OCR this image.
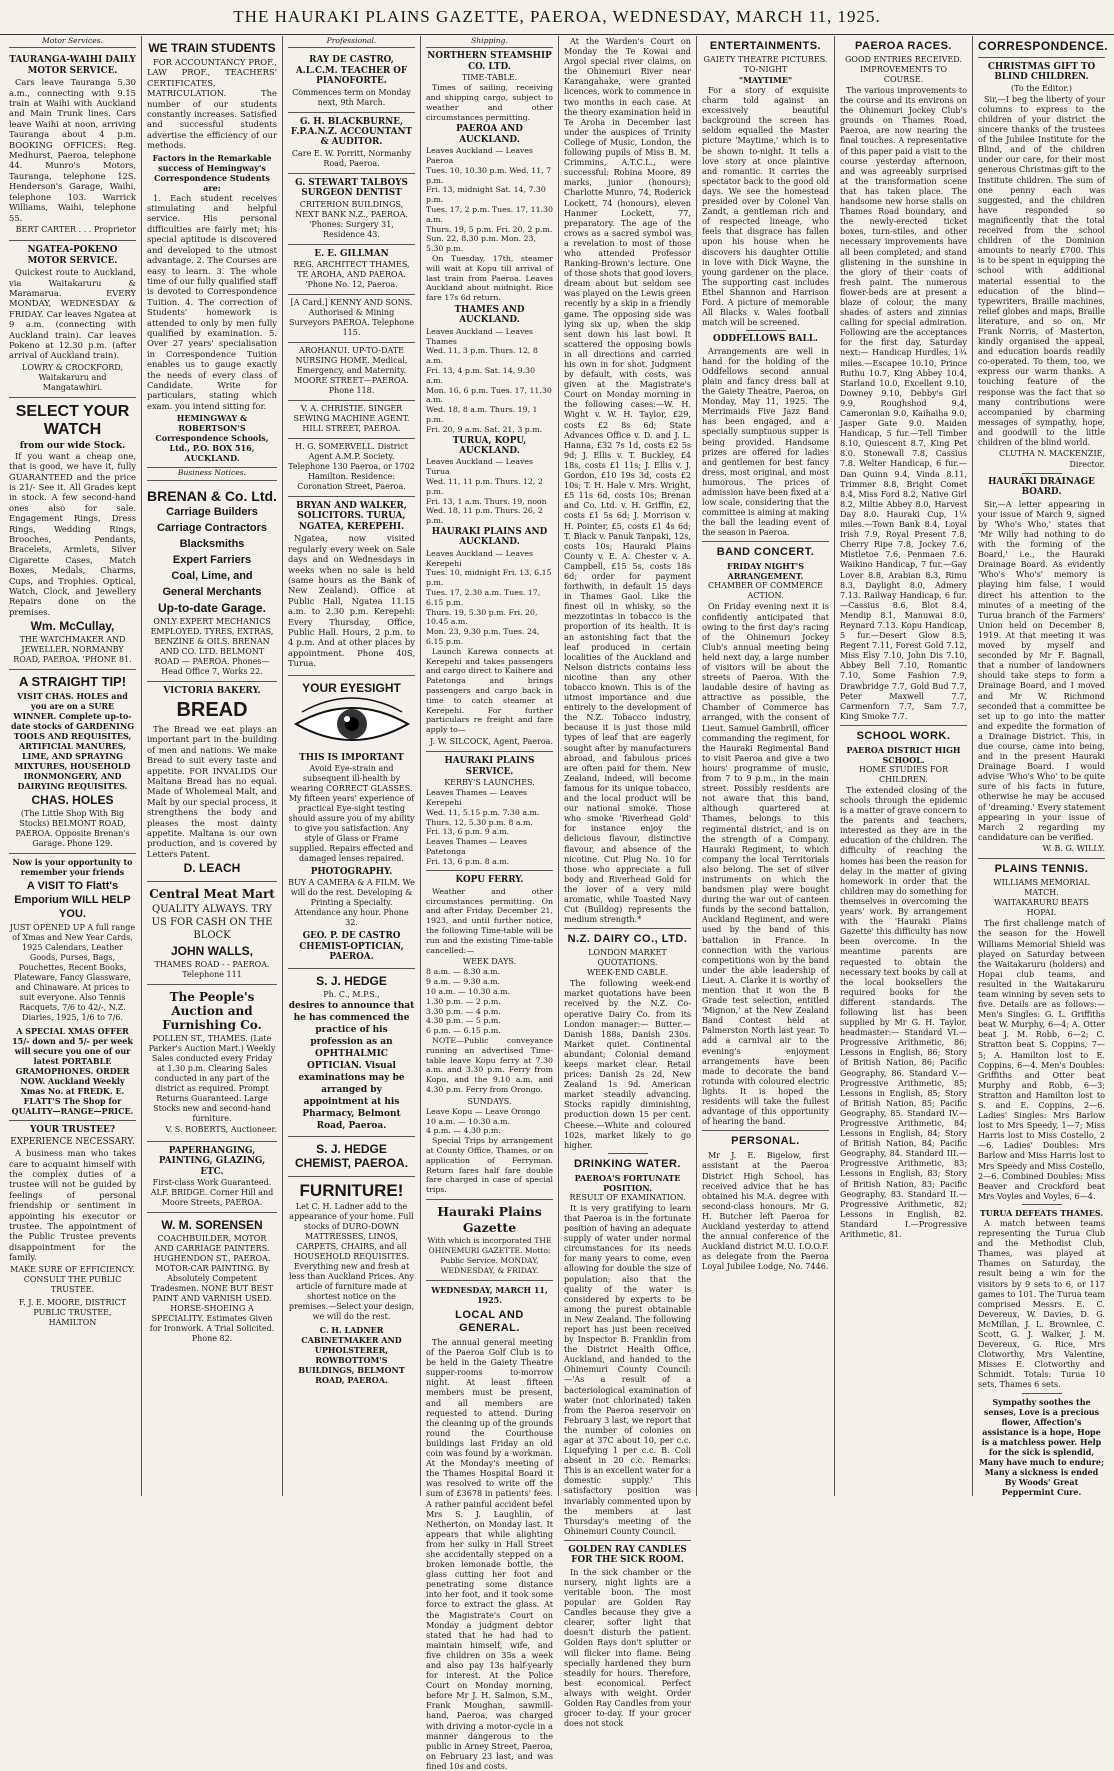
THE HAURAKI PLAINS GAZETTE, PAEROA, WEDNESDAY, MARCH 11, 1925.
Motor Services.
TAURANGA-WAIHI DAILY MOTOR SERVICE.
Cars leave Tauranga 5.30 a.m., connecting with 9.15 train at Waihi with Auckland and Main Trunk lines. Cars leave Waihi at noon, arriving Tauranga about 4 p.m. BOOKING OFFICES: Reg. Medhurst, Paeroa, telephone 44. Munro's Motors, Tauranga, telephone 12S. Henderson's Garage, Waihi, telephone 103. Warrick Williams, Waihi, telephone 55.
BERT CARTER . . . Proprietor
NGATEA-POKENO MOTOR SERVICE.
Quickest route to Auckland, via Waitakaruru & Maramarua. EVERY MONDAY, WEDNESDAY & FRIDAY. Car leaves Ngatea at 9 a.m. (connecting with Auckland train). Car leaves Pokeno at 12.30 p.m. (after arrival of Auckland train).
LOWRY & CROCKFORD, Waitakaruru and Mangatawhiri.
SELECT YOUR WATCH
from our wide Stock.
If you want a cheap one, that is good, we have it, fully GUARANTEED and the price is 21/- See it. All Grades kept in stock. A few second-hand ones also for sale. Engagement Rings, Dress Rings, Wedding Rings, Brooches, Pendants, Bracelets, Armlets, Silver Cigarette Cases, Match Boxes, Medals, Charms, Cups, and Trophies. Optical, Watch, Clock, and Jewellery Repairs done on the premises.
Wm. McCullay,
THE WATCHMAKER AND JEWELLER. NORMANBY ROAD, PAEROA. 'PHONE 81.
A STRAIGHT TIP!
VISIT CHAS. HOLES and you are on a SURE WINNER. Complete up-to-date stocks of GARDENING TOOLS AND REQUISITES, ARTIFICIAL MANURES, LIME, AND SPRAYING MIXTURES, HOUSEHOLD IRONMONGERY, AND DAIRYING REQUISITES.
CHAS. HOLES
(The Little Shop With Big Stocks) BELMONT ROAD, PAEROA. Opposite Brenan's Garage. Phone 129.
Now is your opportunity to remember your friends
A VISIT TO Flatt's Emporium WILL HELP YOU.
JUST OPENED UP A full range of Xmas and New Year Cards, 1925 Calendars, Leather Goods, Purses, Bags, Pouchettes, Recent Books, Plateware, Fancy Glassware, and Chinaware. At prices to suit everyone. Also Tennis Racquets, 7/6 to 42/-, N.Z. Diaries, 1925, 1/6 to 7/6.
A SPECIAL XMAS OFFER 15/- down and 5/- per week will secure you one of our latest PORTABLE GRAMOPHONES. ORDER NOW. Auckland Weekly Xmas No. at FREDK. E. FLATT'S The Shop for QUALITY—RANGE—PRICE.
YOUR TRUSTEE?
EXPERIENCE NECESSARY.
A business man who takes care to acquaint himself with the complex duties of a trustee will not be guided by feelings of personal friendship or sentiment in appointing his executor or trustee. The appointment of the Public Trustee prevents disappointment for the family.
MAKE SURE OF EFFICIENCY. CONSULT THE PUBLIC TRUSTEE.
F. J. E. MOORE, DISTRICT PUBLIC TRUSTEE, HAMILTON
WE TRAIN STUDENTS
FOR ACCOUNTANCY PROF., LAW PROF., TEACHERS' CERTIFICATES, MATRICULATION. The number of our students constantly increases. Satisfied and successful students advertise the efficiency of our methods.
Factors in the Remarkable success of Hemingway's Correspondence Students are:
1. Each student receives stimulating and helpful service. His personal difficulties are fairly met; his special aptitude is discovered and developed to the utmost advantage. 2. The Courses are easy to learn. 3. The whole time of our fully qualified staff is devoted to Correspondence Tuition. 4. The correction of Students' homework is attended to only by men fully qualified by examination. 5. Over 27 years' specialisation in Correspondence Tuition enables us to gauge exactly the needs of every class of Candidate. Write for particulars, stating which exam. you intend sitting for.
HEMINGWAY & ROBERTSON'S Correspondence Schools, Ltd., P.O. BOX 516, AUCKLAND.
Business Notices.
BRENAN & Co. Ltd.
Carriage Builders
Carriage Contractors
Blacksmiths
Expert Farriers
Coal, Lime, and
General Merchants
Up-to-date Garage.
ONLY EXPERT MECHANICS EMPLOYED. TYRES, EXTRAS, BENZINE & OILS. BRENAN AND CO. LTD. BELMONT ROAD — PAEROA. Phones— Head Office 7, Works 22.
VICTORIA BAKERY.
BREAD
The Bread we eat plays an important part in the building of men and nations. We make Bread to suit every taste and appetite. FOR INVALIDS Our Maltana Bread has no equal. Made of Wholemeal Malt, and Malt by our special process, it strengthens the body and pleases the most dainty appetite. Maltana is our own production, and is covered by Letters Patent.
D. LEACH
Central Meat Mart
QUALITY ALWAYS. TRY US FOR CASH ON THE BLOCK
JOHN WALLS,
THAMES ROAD - - PAEROA. Telephone 111
The People's Auction and Furnishing Co.
POLLEN ST., THAMES. (Late Parker's Auction Mart.) Weekly Sales conducted every Friday at 1.30 p.m. Clearing Sales conducted in any part of the district as required. Prompt Returns Guaranteed. Large Stocks new and second-hand furniture.
V. S. ROBERTS, Auctioneer.
PAPERHANGING, PAINTING, GLAZING, ETC.
First-class Work Guaranteed. ALF. BRIDGE. Corner Hill and Moore Streets, PAEROA.
W. M. SORENSEN
COACHBUILDER, MOTOR AND CARRIAGE PAINTERS. HUGHENDON ST., PAEROA. MOTOR-CAR PAINTING. By Absolutely Competent Tradesmen. NONE BUT BEST PAINT AND VARNISH USED. HORSE-SHOEING A SPECIALITY. Estimates Given for Ironwork. A Trial Solicited. Phone 82.
Professional.
RAY DE CASTRO, A.L.C.M. TEACHER OF PIANOFORTE.
Commences term on Monday next, 9th March.
G. H. BLACKBURNE, F.P.A.N.Z. ACCOUNTANT & AUDITOR.
Care E. W. Porritt, Normanby Road, Paeroa.
G. STEWART TALBOYS SURGEON DENTIST
CRITERION BUILDINGS, NEXT BANK N.Z., PAEROA. 'Phones: Surgery 31, Residence 43.
E. E. GILLMAN
REG. ARCHITECT THAMES, TE AROHA, AND PAEROA. 'Phone No. 12, Paeroa.
[A Card.] KENNY AND SONS. Authorised & Mining Surveyors PAEROA. Telephone 115.
AROHANUI. UP-TO-DATE NURSING HOME. Medical, Emergency, and Maternity. MOORE STREET—PAEROA. Phone 118.
V. A. CHRISTIE. SINGER SEWING MACHINE AGENT. HILL STREET, PAEROA.
H. G. SOMERVELL. District Agent A.M.P. Society. Telephone 130 Paeroa, or 1702 Hamilton. Residence: Coronation Street, Paeroa.
BRYAN AND WALKER, SOLICITORS. TURUA, NGATEA, KEREPEHI.
Ngatea, now visited regularly every week on Sale days and on Wednesdays in weeks when no sale is held (same hours as the Bank of New Zealand). Office at Public Hall, Ngatea 11.15 a.m. to 2.30 p.m. Kerepehi: Every Thursday, Office, Public Hall. Hours, 2 p.m. to 4 p.m. And at other places by appointment. Phone 40S, Turua.
YOUR EYESIGHT
THIS IS IMPORTANT
Avoid Eye-strain and subsequent ill-health by wearing CORRECT GLASSES. My fifteen years' experience of practical Eye-sight testing should assure you of my ability to give you satisfaction. Any style of Glass or Frame supplied. Repairs effected and damaged lenses repaired.
PHOTOGRAPHY.
BUY A CAMERA & A FILM. We will do the rest. Developing & Printing a Specialty. Attendance any hour. Phone 32.
GEO. P. DE CASTRO CHEMIST-OPTICIAN, PAEROA.
S. J. HEDGE
Ph. C., M.P.S.,
desires to announce that he has commenced the practice of his profession as an OPHTHALMIC OPTICIAN. Visual examinations may be arranged by appointment at his Pharmacy, Belmont Road, Paeroa.
S. J. HEDGE CHEMIST, PAEROA.
FURNITURE!
Let C. H. Ladner add to the appearance of your home. Full stocks of DURO-DOWN MATTRESSES, LINOS, CARPETS, CHAIRS, and all HOUSEHOLD REQUISITES. Everything new and fresh at less than Auckland Prices. Any article of furniture made at shortest notice on the premises.—Select your design, we will do the rest.
C. H. LADNER CABINETMAKER AND UPHOLSTERER, ROWBOTTOM'S BUILDINGS, BELMONT ROAD, PAEROA.
Shipping.
NORTHERN STEAMSHIP CO. LTD.
TIME-TABLE.
Times of sailing, receiving and shipping cargo, subject to weather and other circumstances permitting.
PAEROA AND AUCKLAND.
Leaves Auckland — Leaves Paeroa
Tues. 10, 10.30 p.m. Wed. 11, 7 p.m.
Fri. 13, midnight Sat. 14, 7.30 p.m.
Tues. 17, 2 p.m. Tues. 17, 11.30 a.m.
Thurs. 19, 5 p.m. Fri. 20, 2 p.m.
Sun. 22, 8.30 p.m. Mon. 23, 5.30 p.m.
On Tuesday, 17th, steamer will wait at Kopu till arrival of last train from Paeroa. Leaves Auckland about midnight. Rice fare 17s 6d return.
THAMES AND AUCKLAND.
Leaves Auckland — Leaves Thames
Wed. 11, 3 p.m. Thurs. 12, 8 a.m.
Fri. 13, 4 p.m. Sat. 14, 9.30 a.m.
Mon. 16, 6 p.m. Tues. 17, 11.30 a.m.
Wed. 18, 8 a.m. Thurs. 19, 1 p.m.
Fri. 20, 9 a.m. Sat. 21, 3 p.m.
TURUA, KOPU, AUCKLAND.
Leaves Auckland — Leaves Turua
Wed. 11, 11 p.m. Thurs. 12, 2 p.m.
Fri. 13, 1 a.m. Thurs. 19, noon
Wed. 18, 11 p.m. Thurs. 26, 2 p.m.
HAURAKI PLAINS AND AUCKLAND.
Leaves Auckland — Leaves Kerepehi
Tues. 10, midnight Fri. 13, 6.15 p.m.
Tues. 17, 2.30 a.m. Tues. 17, 6.15 p.m.
Thurs. 19, 5.30 p.m. Fri. 20, 10.45 a.m.
Mon. 23, 9.30 p.m. Tues. 24, 6.15 p.m.
Launch Karewa connects at Kerepehi and takes passengers and cargo direct to Kaihere and Patetonga and brings passengers and cargo back in time to catch steamer at Kerepehi. For further particulars re freight and fare apply to—
J. W. SILCOCK, Agent, Paeroa.
HAURAKI PLAINS SERVICE.
KERBY'S LAUNCHES.
Leaves Thames — Leaves Kerepehi
Wed. 11, 5.15 p.m. 7.30 a.m.
Thurs. 12, 5.30 p.m. 8 a.m.
Fri. 13, 6 p.m. 9 a.m.
Leaves Thames — Leaves Patetonga
Fri. 13, 6 p.m. 8 a.m.
KOPU FERRY.
Weather and other circumstances permitting. On and after Friday, December 21, 1923, and until further notice, the following Time-table will be run and the existing Time-table cancelled:—
WEEK DAYS.
8 a.m. — 8.30 a.m.
9 a.m. — 9.30 a.m.
10 a.m. — 10.30 a.m.
1.30 p.m. — 2 p.m.
3.30 p.m. — 4 p.m.
4.30 p.m. — 5 p.m.
6 p.m. — 6.15 p.m.
NOTE—Public conveyance running an advertised Time-table leave Kopu ferry at 7.30 a.m. and 3.30 p.m. Ferry from Kopu, and the 9.10 a.m. and 4.30 p.m. Ferry from Orongo.
SUNDAYS.
Leave Kopu — Leave Orongo
10 a.m. — 10.30 a.m.
4 p.m. — 4.30 p.m.
Special Trips by arrangement at County Office, Thames, or on application of Ferryman. Return fares half fare double fare charged in case of special trips.
Hauraki Plains Gazette
With which is incorporated THE OHINEMURI GAZETTE. Motto: Public Service. MONDAY, WEDNESDAY, & FRIDAY.
WEDNESDAY, MARCH 11, 1925.
LOCAL AND GENERAL.
The annual general meeting of the Paeroa Golf Club is to be held in the Gaiety Theatre supper-rooms to-morrow night. At least fifteen members must be present, and all members are requested to attend. During the cleaning up of the grounds round the Courthouse buildings last Friday an old coin was found by a workman. At the Monday's meeting of the Thames Hospital Board it was resolved to write off the sum of £3678 in patients' fees. A rather painful accident befel Mrs S. J. Laughlin, of Netherton, on Monday last. It appears that while alighting from her sulky in Hall Street she accidentally stepped on a broken lemonade bottle, the glass cutting her foot and penetrating some distance into her foot, and it took some force to extract the glass. At the Magistrate's Court on Monday a judgment debtor stated that he had had to maintain himself, wife, and five children on 35s a week and also pay 13s half-yearly for interest. At the Police Court on Monday morning, before Mr J. H. Salmon, S.M., Frank Moughan, sawmill-hand, Paeroa, was charged with driving a motor-cycle in a manner dangerous to the public in Arney Street, Paeroa, on February 23 last, and was fined 10s and costs.
At the Warden's Court on Monday the Te Kowai and Argol special river claims, on the Ohinemuri River near Karangahake, were granted licences, work to commence in two months in each case. At the theory examination held in Te Aroha in December last under the auspices of Trinity College of Music, London, the following pupils of Miss B. M. Crimmins, A.T.C.L., were successful: Robina Moore, 89 marks, junior (honours); Charlotte Munro, 74, Roderick Lockett, 74 (honours), eleven Hanmer Lockett, 77, preparatory. The age of the crows as a sacred symbol was a revelation to most of those who attended Professor Ranking-Brown's lecture. One of those shots that good lovers dream about but seldom see was played on the Lewis green recently by a skip in a friendly game. The opposing side was lying six up, when the skip sent down his last bowl. It scattered the opposing bowls in all directions and carried his own in for shot. Judgment by default, with costs, was given at the Magistrate's Court on Monday morning in the following cases:—W. H. Wight v. W. H. Taylor, £29, costs £2 8s 6d; State Advances Office v. D. and J. L. Hanna, £32 7s 1d, costs £2 5s 9d; J. Ellis v. T. Buckley, £4 18s, costs £1 11s; J. Ellis v. J. Gordon, £10 19s 3d, costs £2 10s; T. H. Hale v. Mrs. Wright, £5 11s 6d, costs 10s; Brenan and Co. Ltd. v. H. Griffin, £2, costs £1 5s 6d; J. Morrison v. H. Pointer, £5, costs £1 4s 6d; T. Black v. Panuk Tanpaki, 12s, costs 10s; Hauraki Plains County v. E. A. Chester v. A. Campbell, £15 5s, costs 18s 6d; order for payment forthwith, in default 15 days in Thames Gaol. Like the finest oil in whisky, so the mezzotintas in tobacco is the proportion of its health. It is an astonishing fact that the leaf produced in certain localities of the Auckland and Nelson districts contains less nicotine than any other tobacco known. This is of the utmost importance and due entirely to the development of the N.Z. Tobacco industry, because it is just those mild types of leaf that are eagerly sought after by manufacturers abroad, and fabulous prices are often paid for them. New Zealand, indeed, will become famous for its unique tobacco, and the local product will be our national smoke. Those who smoke 'Riverhead Gold' for instance enjoy the delicious flavour, distinctive flavour, and absence of the nicotine. Cut Plug No. 10 for those who appreciate a full body and Riverhead Gold for the lover of a very mild aromatic, while Toasted Navy Cut (Bulldog) represents the medium strength.*
N.Z. DAIRY CO., LTD.
LONDON MARKET QUOTATIONS.
WEEK-END CABLE.
The following week-end market quotations have been received by the N.Z. Co-operative Dairy Co. from its London manager:— Butter.—Danish 188s, Danish 230s. Market quiet. Continental abundant; Colonial demand keeps market clear. Retail prices: Danish 2s 2d, New Zealand 1s 9d. American market steadily advancing. Stocks rapidly diminishing, production down 15 per cent. Cheese.—White and coloured 102s, market likely to go higher.
DRINKING WATER.
PAEROA'S FORTUNATE POSITION.
RESULT OF EXAMINATION.
It is very gratifying to learn that Paeroa is in the fortunate position of having an adequate supply of water under normal circumstances for its needs for many years to come, even allowing for double the size of population; also that the quality of the water is considered by experts to be among the purest obtainable in New Zealand. The following report has just been received by Inspector B. Franklin from the District Health Office, Auckland, and handed to the Ohinemuri County Council:—'As a result of a bacteriological examination of water (not chlorinated) taken from the Paeroa reservoir on February 3 last, we report that the number of colonies on agar at 37C about 10, per c.c. Liquefying 1 per c.c. B. Coli absent in 20 c.c. Remarks: This is an excellent water for a domestic supply.' This satisfactory position was invariably commented upon by the members at last Thursday's meeting of the Ohinemuri County Council.
GOLDEN RAY CANDLES FOR THE SICK ROOM.
In the sick chamber or the nursery, night lights are a veritable boon. The most popular are Golden Ray Candles because they give a clearer, softer light that doesn't disturb the patient. Golden Rays don't splutter or will flicker into flame. Being specially hardened they burn steadily for hours. Therefore, best economical. Perfect always with weight. Order Golden Ray Candles from your grocer to-day. If your grocer does not stock
ENTERTAINMENTS.
GAIETY THEATRE PICTURES.
TO-NIGHT
"MAYTIME"
For a story of exquisite charm told against an excessively beautiful background the screen has seldom equalled the Master picture 'Maytime,' which is to be shown to-night. It tells a love story at once plaintive and romantic. It carries the spectator back to the good old days. We see the homestead presided over by Colonel Van Zandt, a gentleman rich and of respected lineage, who feels that disgrace has fallen upon his house when he discovers his daughter Ottilie in love with Dick Wayne, the young gardener on the place. The supporting cast includes Ethel Shannon and Harrison Ford. A picture of memorable All Blacks v. Wales football match will be screened.
ODDFELLOWS BALL.
Arrangements are well in hand for the holding of the Oddfellows second annual plain and fancy dress ball at the Gaiety Theatre, Paeroa, on Monday, May 11, 1925. The Merrimaids Five Jazz Band has been engaged, and a specially sumptuous supper is being provided. Handsome prizes are offered for ladies and gentlemen for best fancy dress, most original, and most humorous. The prices of admission have been fixed at a low scale, considering that the committee is aiming at making the ball the leading event of the season in Paeroa.
BAND CONCERT.
FRIDAY NIGHT'S ARRANGEMENT.
CHAMBER OF COMMERCE ACTION.
On Friday evening next it is confidently anticipated that owing to the first day's racing of the Ohinemuri Jockey Club's annual meeting being held next day, a large number of visitors will be about the streets of Paeroa. With the laudable desire of having as attractive as possible, the Chamber of Commerce has arranged, with the consent of Lieut. Samuel Gambrill, officer commanding the regiment, for the Hauraki Regimental Band to visit Paeroa and give a two hours' programme of music, from 7 to 9 p.m., in the main street. Possibly residents are not aware that this band, although quartered at Thames, belongs to this regimental district, and is on the strength of a Company. Hauraki Regiment, to which company the local Territorials also belong. The set of silver instruments on which the bandsmen play were bought during the war out of canteen funds by the second battalion, Auckland Regiment, and were used by the band of this battalion in France. In connection with the various competitions won by the band under the able leadership of Lieut. A. Clarke it is worthy of mention that it won the B Grade test selection, entitled 'Mignon,' at the New Zealand Band Contest held at Palmerston North last year. To add a carnival air to the evening's enjoyment arrangements have been made to decorate the band rotunda with coloured electric lights. It is hoped the residents will take the fullest advantage of this opportunity of hearing the band.
PERSONAL.
Mr J. E. Bigelow, first assistant at the Paeroa District High School, has received advice that he has obtained his M.A. degree with second-class honours. Mr G. H. Butcher left Paeroa for Auckland yesterday to attend the annual conference of the Auckland district M.U. I.O.O.F. as delegate from the Paeroa Loyal Jubilee Lodge, No. 7446.
PAEROA RACES.
GOOD ENTRIES RECEIVED.
IMPROVEMENTS TO COURSE.
The various improvements to the course and its environs on the Ohinemuri Jockey Club's grounds on Thames Road, Paeroa, are now nearing the final touches. A representative of this paper paid a visit to the course yesterday afternoon, and was agreeably surprised at the transformation scene that has taken place. The handsome new horse stalls on Thames Road boundary, and the newly-erected ticket boxes, turn-stiles, and other necessary improvements have all been completed, and stand glistening in the sunshine in the glory of their coats of fresh paint. The numerous flower-beds are at present a blaze of colour, the many shades of asters and zinnias calling for special admiration. Following are the acceptances for the first day, Saturday next:— Handicap Hurdles, 1¾ miles.—Escapee 10.10, Prince Ruthu 10.7, King Abbey 10.4, Starland 10.0, Excellent 9.10, Downey 9.10, Debby's Girl 9.9, Roughshod 9.4, Cameronian 9.0, Kaihaiha 9.0, Jasper Gate 9.0. Maiden Handicap, 5 fur.—Tell Timber 8.10, Quiescent 8.7, King Pet 8.0. Stonewall 7.8, Cassius 7.8. Welter Handicap, 6 fur.—Dan Quinn 9.4, Vinda 8.11, Trimmer 8.8, Bright Comet 8.4, Miss Ford 8.2, Native Girl 8.2, Miltie Abbey 8.0, Harvest Day 8.0. Hauraki Cup, 1¼ miles.—Town Bank 8.4, Loyal Irish 7.9, Royal Present 7.8, Cherry Ripe 7.8, Jockey 7.6, Mistletoe 7.6, Penmaen 7.6. Waikino Handicap, 7 fur.—Gay Lover 8.8, Arabian 8.3, Rimu 8.3, Daylight 8.0, Admery 7.13. Railway Handicap, 6 fur.—Cassius 8.6, Blot 8.4, Mendip 8.1, Manuwai 8.0, Reynard 7.13. Kopu Handicap, 5 fur.—Desert Glow 8.5, Regent 7.11, Forest Gold 7.12, Miss Elsy 7.10, John Dis 7.10, Abbey Bell 7.10, Romantic 7.10, Some Fashion 7.9, Drawbridge 7.7, Gold Bud 7.7, Peter Maxwell 7.7, Carmenforn 7.7, Sam 7.7, King Smoke 7.7.
SCHOOL WORK.
PAEROA DISTRICT HIGH SCHOOL.
HOME STUDIES FOR CHILDREN.
The extended closing of the schools through the epidemic is a matter of grave concern to the parents and teachers, interested as they are in the education of the children. The difficulty of reaching the homes has been the reason for delay in the matter of giving homework in order that the children may do something for themselves in overcoming the years' work. By arrangement with the 'Hauraki Plains Gazette' this difficulty has now been overcome. In the meantime parents are requested to obtain the necessary text books by call at the local booksellers the required books for the different standards. The following list has been supplied by Mr G. H. Taylor, headmaster:— Standard VI.—Progressive Arithmetic, 86; Lessons in English, 86; Story of British Nation, 86; Pacific Geography, 86. Standard V.—Progressive Arithmetic, 85; Lessons in English, 85; Story of British Nation, 85; Pacific Geography, 85. Standard IV.—Progressive Arithmetic, 84; Lessons in English, 84; Story of British Nation, 84; Pacific Geography, 84. Standard III.—Progressive Arithmetic, 83; Lessons in English, 83; Story of British Nation, 83; Pacific Geography, 83. Standard II.—Progressive Arithmetic, 82; Lessons in English, 82. Standard I.—Progressive Arithmetic, 81.
CORRESPONDENCE.
CHRISTMAS GIFT TO BLIND CHILDREN.
(To the Editor.)
Sir,—I beg the liberty of your columns to express to the children of your district the sincere thanks of the trustees of the Jubilee Institute for the Blind, and of the children under our care, for their most generous Christmas gift to the Institute children. The sum of one penny each was suggested, and the children have responded so magnificently that the total received from the school children of the Dominion amounts to nearly £700. This is to be spent in equipping the school with additional material essential to the education of the blind—typewriters, Braille machines, relief globes and maps, Braille literature, and so on. Mr Frank Norris, of Masterton, kindly organised the appeal, and education boards readily co-operated. To them, too, we express our warm thanks. A touching feature of the response was the fact that so many contributions were accompanied by charming messages of sympathy, hope, and goodwill to the little children of the blind world.
CLUTHA N. MACKENZIE, Director.
HAURAKI DRAINAGE BOARD.
Sir,—A letter appearing in your issue of March 9, signed by 'Who's Who,' states that 'Mr Willy had nothing to do with the forming of the Board,' i.e., the Hauraki Drainage Board. As evidently 'Who's Who's' memory is playing him false, I would direct his attention to the minutes of a meeting of the Turua branch of the Farmers' Union held on December 8, 1919. At that meeting it was moved by myself and seconded by Mr F. Bagnall, that a number of landowners should take steps to form a Drainage Board, and I moved and Mr W. Richmond seconded that a committee be set up to go into the matter and expedite the formation of a Drainage District. This, in due course, came into being, and in the present Hauraki Drainage Board. I would advise 'Who's Who' to be quite sure of his facts in future, otherwise he may be accused of 'dreaming.' Every statement appearing in your issue of March 2 regarding my candidature can be verified.
W. B. G. WILLY.
PLAINS TENNIS.
WILLIAMS MEMORIAL MATCH.
WAITAKARURU BEATS HOPAI.
The first challenge match of the season for the Howell Williams Memorial Shield was played on Saturday between the Waitakaruru (holders) and Hopai club teams, and resulted in the Waitakaruru team winning by seven sets to five. Details are as follows:— Men's Singles: G. L. Griffiths beat W. Murphy, 6—4; A. Otter beat J. M. Robb, 6—2; C. Stratton beat S. Coppins, 7—5; A. Hamilton lost to E. Coppins, 6—4. Men's Doubles: Griffiths and Otter beat Murphy and Robb, 6—3; Stratton and Hamilton lost to S. and E. Coppins, 2—6. Ladies' Singles: Mrs Barlow lost to Mrs Speedy, 1—7; Miss Harris lost to Miss Costello, 2—6. Ladies' Doubles: Mrs Barlow and Miss Harris lost to Mrs Speedy and Miss Costello, 2—6. Combined Doubles: Miss Beaver and Crockford beat Mrs Voyles and Voyles, 6—4.
TURUA DEFEATS THAMES.
A match between teams representing the Turua Club and the Methodist Club, Thames, was played at Thames on Saturday, the result being a win for the visitors by 9 sets to 6, or 117 games to 101. The Turua team comprised Messrs. E. C. Devereux, W. Davies, D. G. McMillan, J. L. Brownlee, C. Scott, G. J. Walker, J. M. Devereux, G. Rice, Mrs Clotworthy, Mrs Valentine, Misses E. Clotworthy and Schmidt. Totals: Turua 10 sets, Thames 6 sets.
Sympathy soothes the senses, Love is a precious flower, Affection's assistance is a hope, Hope is a matchless power. Help for the sick is splendid, Many have much to endure; Many a sickness is ended By Woods' Great Peppermint Cure.
